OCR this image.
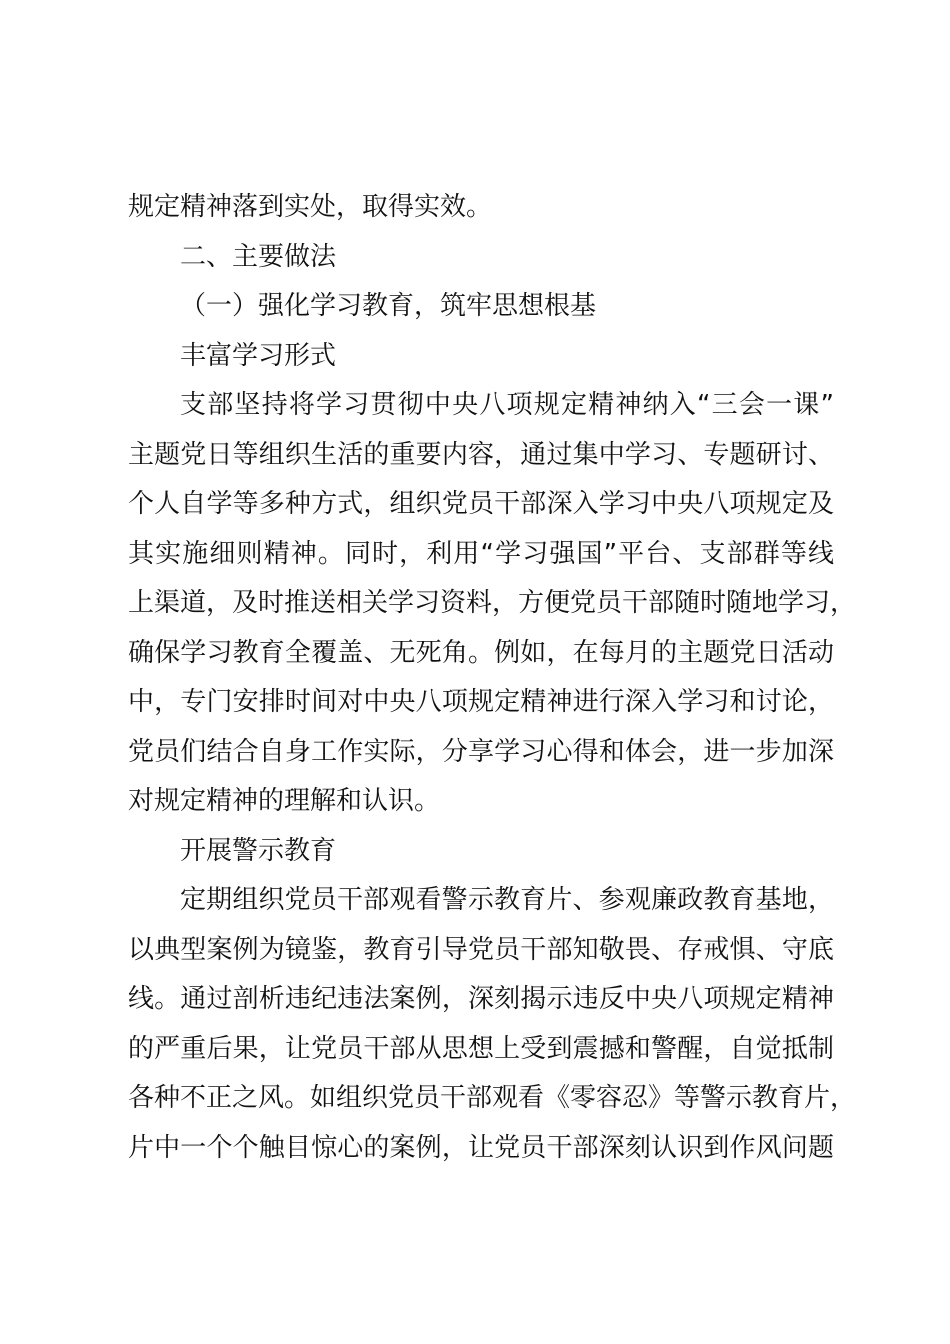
规定精神落到实处，取得实效。
二、主要做法
（一）强化学习教育，筑牢思想根基
丰富学习形式
支部坚持将学习贯彻中央八项规定精神纳入“三会一课”
主题党日等组织生活的重要内容，通过集中学习、专题研讨、
个人自学等多种方式，组织党员干部深入学习中央八项规定及
其实施细则精神。同时，利用“学习强国”平台、支部群等线
上渠道，及时推送相关学习资料，方便党员干部随时随地学习，
确保学习教育全覆盖、无死角。例如，在每月的主题党日活动
中，专门安排时间对中央八项规定精神进行深入学习和讨论，
党员们结合自身工作实际，分享学习心得和体会，进一步加深
对规定精神的理解和认识。
开展警示教育
定期组织党员干部观看警示教育片、参观廉政教育基地，
以典型案例为镜鉴，教育引导党员干部知敬畏、存戒惧、守底
线。通过剖析违纪违法案例，深刻揭示违反中央八项规定精神
的严重后果，让党员干部从思想上受到震撼和警醒，自觉抵制
各种不正之风。如组织党员干部观看《零容忍》等警示教育片，
片中一个个触目惊心的案例，让党员干部深刻认识到作风问题
